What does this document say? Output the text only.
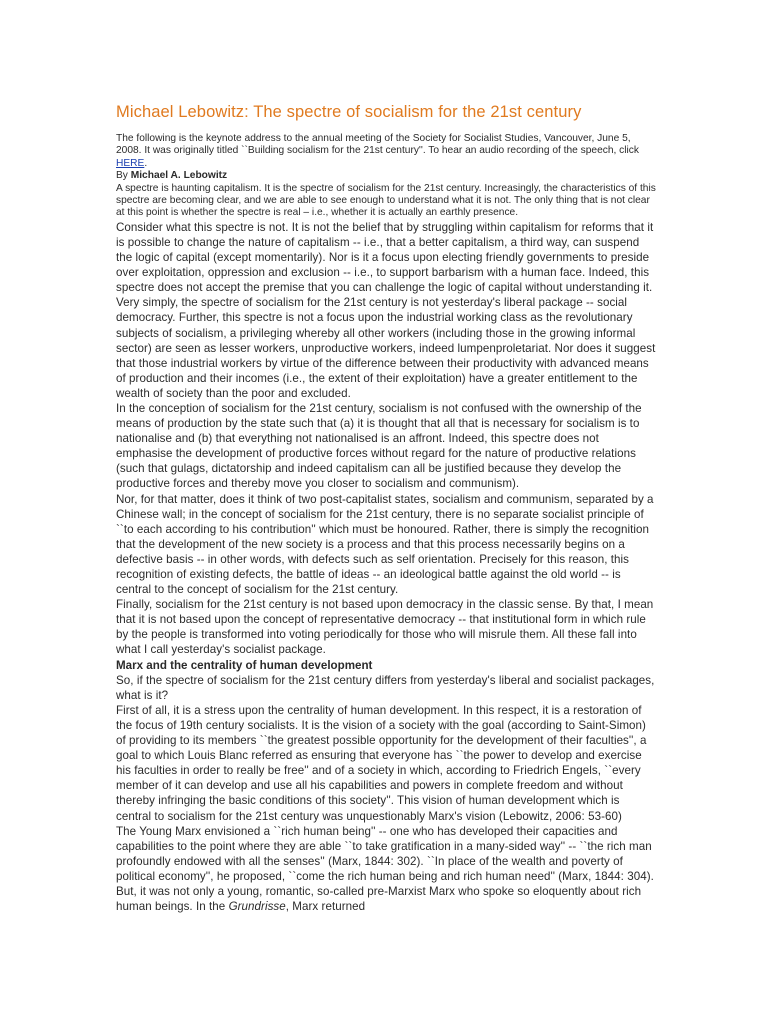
Michael Lebowitz: The spectre of socialism for the 21st century

The following is the keynote address to the annual meeting of the Society for Socialist Studies, Vancouver, June 5, 2008. It was originally titled ``Building socialism for the 21st century''. To hear an audio recording of the speech, click HERE.

By Michael A. Lebowitz

A spectre is haunting capitalism. It is the spectre of socialism for the 21st century. Increasingly, the characteristics of this spectre are becoming clear, and we are able to see enough to understand what it is not. The only thing that is not clear at this point is whether the spectre is real – i.e., whether it is actually an earthly presence.

Consider what this spectre is not. It is not the belief that by struggling within capitalism for reforms that it is possible to change the nature of capitalism -- i.e., that a better capitalism, a third way, can suspend the logic of capital (except momentarily). Nor is it a focus upon electing friendly governments to preside over exploitation, oppression and exclusion -- i.e., to support barbarism with a human face. Indeed, this spectre does not accept the premise that you can challenge the logic of capital without understanding it. Very simply, the spectre of socialism for the 21st century is not yesterday's liberal package -- social democracy. Further, this spectre is not a focus upon the industrial working class as the revolutionary subjects of socialism, a privileging whereby all other workers (including those in the growing informal sector) are seen as lesser workers, unproductive workers, indeed lumpenproletariat. Nor does it suggest that those industrial workers by virtue of the difference between their productivity with advanced means of production and their incomes (i.e., the extent of their exploitation) have a greater entitlement to the wealth of society than the poor and excluded.

In the conception of socialism for the 21st century, socialism is not confused with the ownership of the means of production by the state such that (a) it is thought that all that is necessary for socialism is to nationalise and (b) that everything not nationalised is an affront. Indeed, this spectre does not emphasise the development of productive forces without regard for the nature of productive relations (such that gulags, dictatorship and indeed capitalism can all be justified because they develop the productive forces and thereby move you closer to socialism and communism).

Nor, for that matter, does it think of two post-capitalist states, socialism and communism, separated by a Chinese wall; in the concept of socialism for the 21st century, there is no separate socialist principle of ``to each according to his contribution'' which must be honoured. Rather, there is simply the recognition that the development of the new society is a process and that this process necessarily begins on a defective basis -- in other words, with defects such as self orientation. Precisely for this reason, this recognition of existing defects, the battle of ideas -- an ideological battle against the old world -- is central to the concept of socialism for the 21st century.

Finally, socialism for the 21st century is not based upon democracy in the classic sense. By that, I mean that it is not based upon the concept of representative democracy -- that institutional form in which rule by the people is transformed into voting periodically for those who will misrule them. All these fall into what I call yesterday's socialist package.

Marx and the centrality of human development

So, if the spectre of socialism for the 21st century differs from yesterday's liberal and socialist packages, what is it?

First of all, it is a stress upon the centrality of human development. In this respect, it is a restoration of the focus of 19th century socialists. It is the vision of a society with the goal (according to Saint-Simon) of providing to its members ``the greatest possible opportunity for the development of their faculties'', a goal to which Louis Blanc referred as ensuring that everyone has ``the power to develop and exercise his faculties in order to really be free'' and of a society in which, according to Friedrich Engels, ``every member of it can develop and use all his capabilities and powers in complete freedom and without thereby infringing the basic conditions of this society''. This vision of human development which is central to socialism for the 21st century was unquestionably Marx's vision (Lebowitz, 2006: 53-60)

The Young Marx envisioned a ``rich human being'' -- one who has developed their capacities and capabilities to the point where they are able ``to take gratification in a many-sided way'' -- ``the rich man profoundly endowed with all the senses'' (Marx, 1844: 302). ``In place of the wealth and poverty of political economy'', he proposed, ``come the rich human being and rich human need'' (Marx, 1844: 304). But, it was not only a young, romantic, so-called pre-Marxist Marx who spoke so eloquently about rich human beings. In the Grundrisse, Marx returned
